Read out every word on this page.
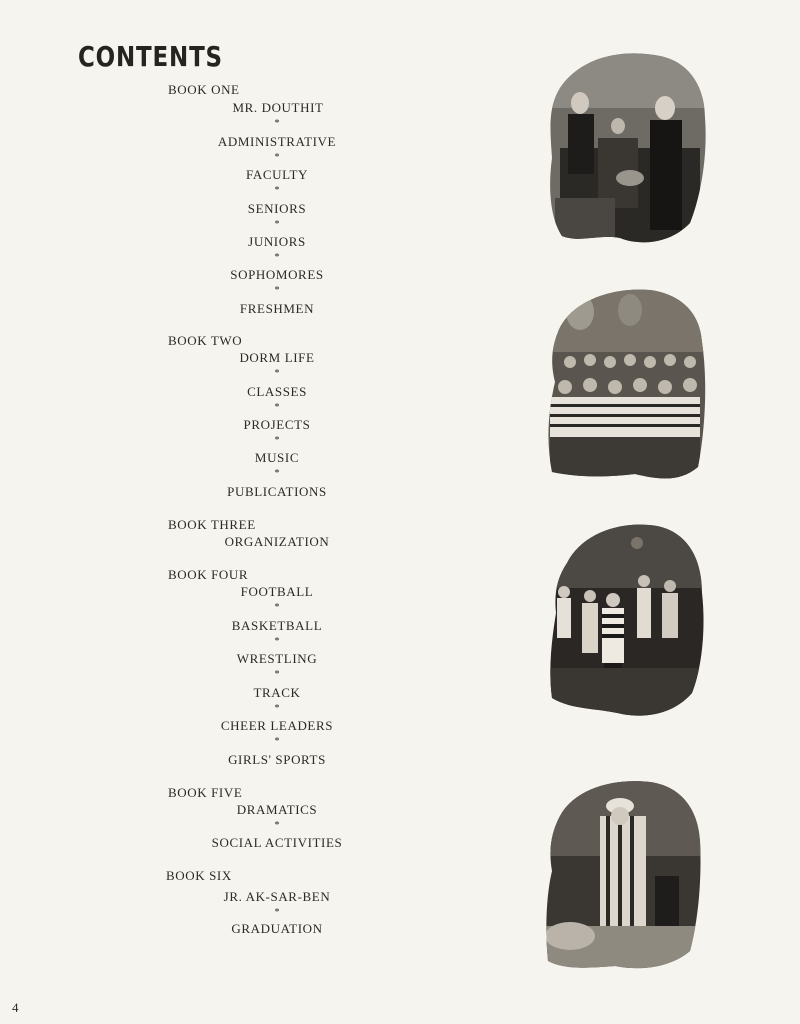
CONTENTS
BOOK ONE
MR. DOUTHIT
*
ADMINISTRATIVE
*
FACULTY
*
SENIORS
*
JUNIORS
*
SOPHOMORES
*
FRESHMEN
BOOK TWO
DORM LIFE
*
CLASSES
*
PROJECTS
*
MUSIC
*
PUBLICATIONS
BOOK THREE
ORGANIZATION
BOOK FOUR
FOOTBALL
*
BASKETBALL
*
WRESTLING
*
TRACK
*
CHEER LEADERS
*
GIRLS' SPORTS
BOOK FIVE
DRAMATICS
*
SOCIAL ACTIVITIES
BOOK SIX
JR. AK-SAR-BEN
*
GRADUATION
4
